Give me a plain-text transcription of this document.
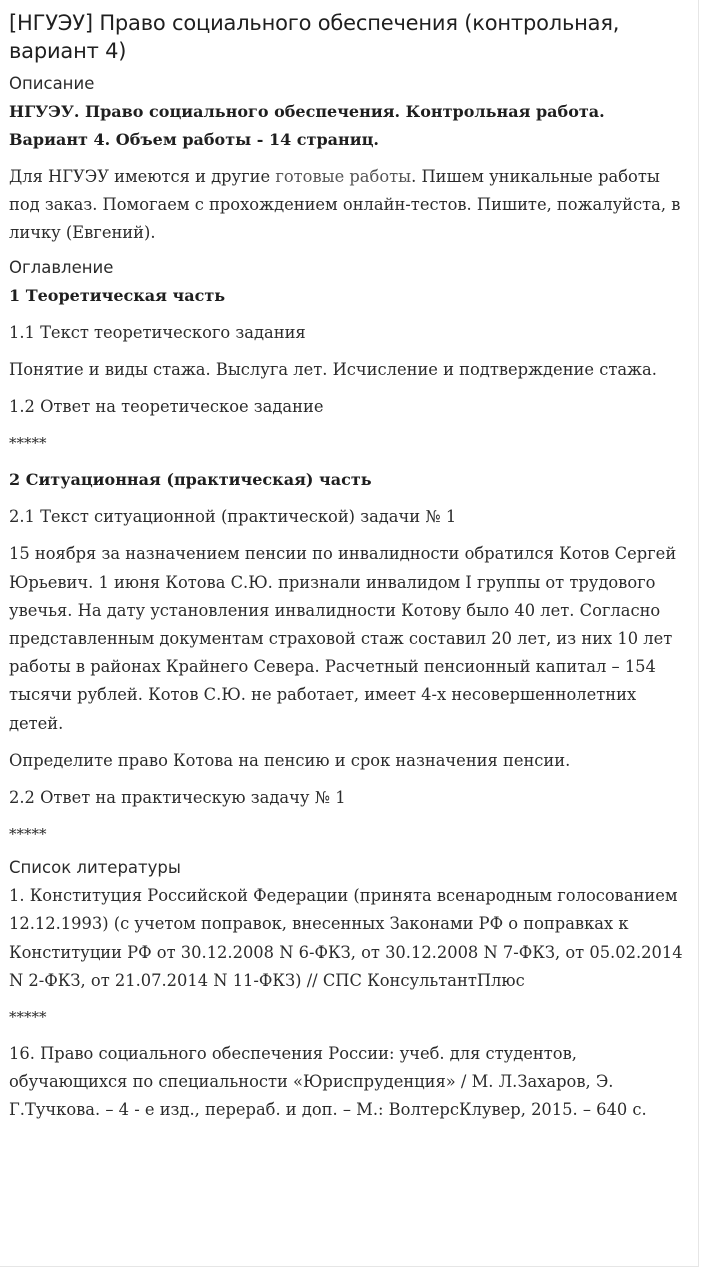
[НГУЭУ] Право социального обеспечения (контрольная, вариант 4)
Описание
НГУЭУ. Право социального обеспечения. Контрольная работа.
Вариант 4. Объем работы - 14 страниц.

Для НГУЭУ имеются и другие готовые работы. Пишем уникальные работы под заказ. Помогаем с прохождением онлайн-тестов. Пишите, пожалуйста, в личку (Евгений).

Оглавление
1 Теоретическая часть

1.1 Текст теоретического задания

Понятие и виды стажа. Выслуга лет. Исчисление и подтверждение стажа.

1.2 Ответ на теоретическое задание

*****
2 Ситуационная (практическая) часть

2.1 Текст ситуационной (практической) задачи № 1

15 ноября за назначением пенсии по инвалидности обратился Котов Сергей Юрьевич. 1 июня Котова С.Ю. признали инвалидом I группы от трудового увечья. На дату установления инвалидности Котову было 40 лет. Согласно представленным документам страховой стаж составил 20 лет, из них 10 лет работы в районах Крайнего Севера. Расчетный пенсионный капитал – 154 тысячи рублей. Котов С.Ю. не работает, имеет 4-х несовершеннолетних детей.

Определите право Котова на пенсию и срок назначения пенсии.

2.2 Ответ на практическую задачу № 1

*****
Список литературы

1. Конституция Российской Федерации (принята всенародным голосованием 12.12.1993) (с учетом поправок, внесенных Законами РФ о поправках к Конституции РФ от 30.12.2008 N 6-ФКЗ, от 30.12.2008 N 7-ФКЗ, от 05.02.2014 N 2-ФКЗ, от 21.07.2014 N 11-ФКЗ) // СПС КонсультантПлюс

*****

16. Право социального обеспечения России: учеб. для студентов, обучающихся по специальности «Юриспруденция» / М. Л.Захаров, Э. Г.Тучкова. – 4 - е изд., перераб. и доп. – М.: ВолтерсКлувер, 2015. – 640 с.
